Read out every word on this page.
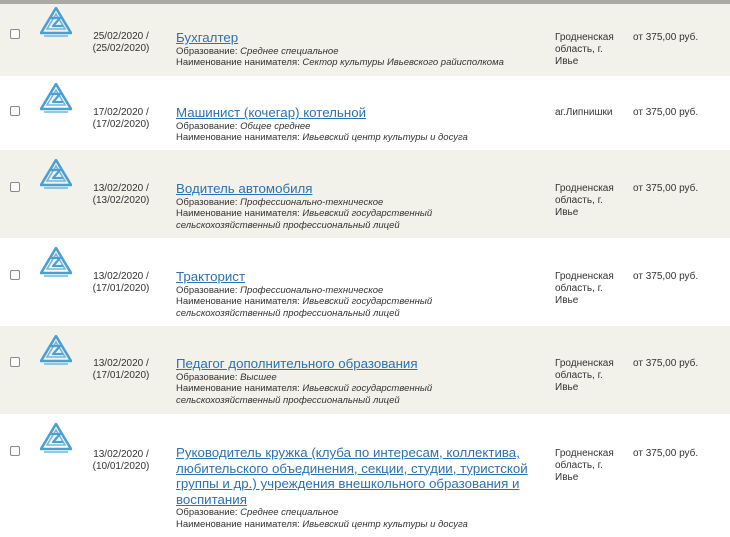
25/02/2020 /
(25/02/2020)
Бухгалтер
Образование: Среднее специальное
Наименование нанимателя: Сектор культуры Ивьевского райисполкома
Гродненская
область, г.
Ивье
от 375,00 руб.
17/02/2020 /
(17/02/2020)
Машинист (кочегар) котельной
Образование: Общее среднее
Наименование нанимателя: Ивьевский центр культуры и досуга
аг.Липнишки	от 375,00 руб.
13/02/2020 /
(13/02/2020)
Водитель автомобиля
Образование: Профессионально-техническое
Наименование нанимателя: Ивьевский государственный
сельскохозяйственный профессиональный лицей
Гродненская
область, г.
Ивье
от 375,00 руб.
13/02/2020 /
(17/01/2020)
Тракторист
Образование: Профессионально-техническое
Наименование нанимателя: Ивьевский государственный
сельскохозяйственный профессиональный лицей
Гродненская
область, г.
Ивье
от 375,00 руб.
13/02/2020 /
(17/01/2020)
Педагог дополнительного образования
Образование: Высшее
Наименование нанимателя: Ивьевский государственный
сельскохозяйственный профессиональный лицей
Гродненская
область, г.
Ивье
от 375,00 руб.
13/02/2020 /
(10/01/2020)
Руководитель кружка (клуба по интересам, коллектива, любительского объединения, секции, студии, туристской группы и др.) учреждения внешкольного образования и воспитания
Образование: Среднее специальное
Наименование нанимателя: Ивьевский центр культуры и досуга
Гродненская
область, г.
Ивье
от 375,00 руб.
